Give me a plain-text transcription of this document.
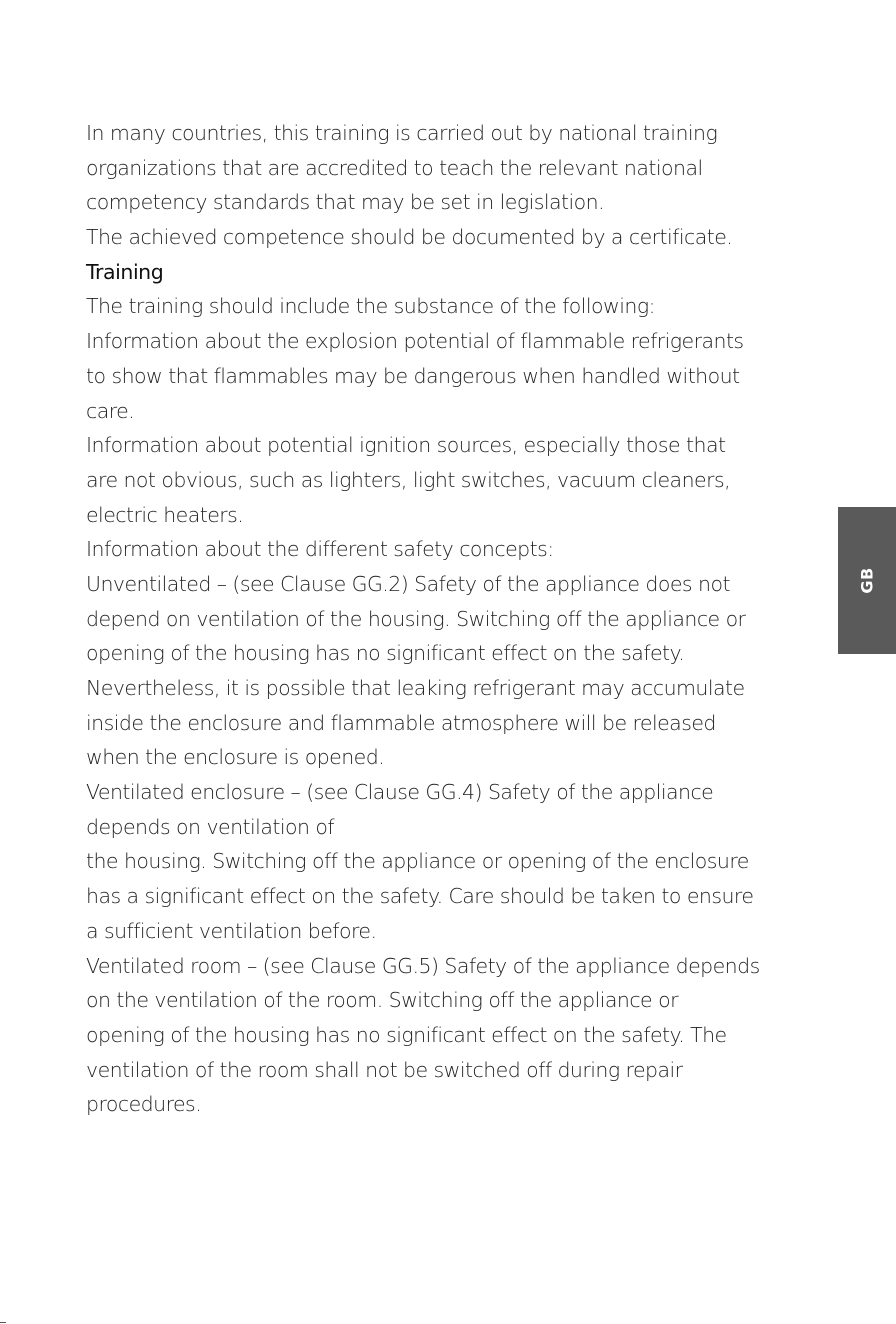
In many countries, this training is carried out by national training
organizations that are accredited to teach the relevant national
competency standards that may be set in legislation.
The achieved competence should be documented by a certificate.
Training
The training should include the substance of the following:
Information about the explosion potential of flammable refrigerants
to show that flammables may be dangerous when handled without
care.
Information about potential ignition sources, especially those that
are not obvious, such as lighters, light switches, vacuum cleaners,
electric heaters.
Information about the different safety concepts:
Unventilated – (see Clause GG.2) Safety of the appliance does not
depend on ventilation of the housing. Switching off the appliance or
opening of the housing has no significant effect on the safety.
Nevertheless, it is possible that leaking refrigerant may accumulate
inside the enclosure and flammable atmosphere will be released
when the enclosure is opened.
Ventilated enclosure – (see Clause GG.4) Safety of the appliance
depends on ventilation of
the housing. Switching off the appliance or opening of the enclosure
has a significant effect on the safety. Care should be taken to ensure
a sufficient ventilation before.
Ventilated room – (see Clause GG.5) Safety of the appliance depends
on the ventilation of the room. Switching off the appliance or
opening of the housing has no significant effect on the safety. The
ventilation of the room shall not be switched off during repair
procedures.
GB
